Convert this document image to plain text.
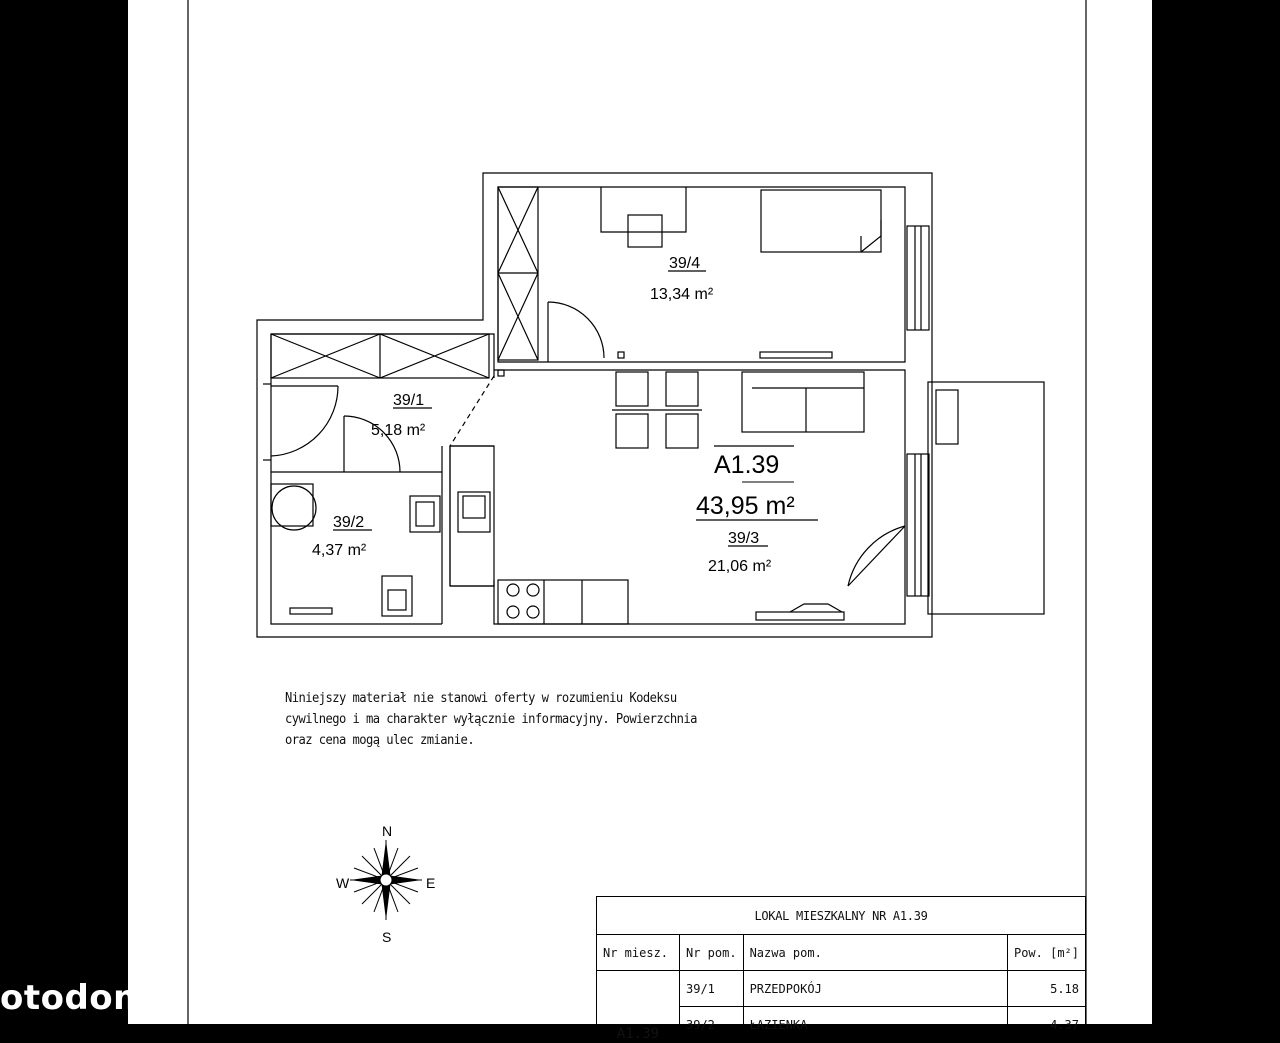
39/4
13,34 m²
39/1
5,18 m²
39/2
4,37 m²
A1.39
43,95 m²
39/3
21,06 m²
N
S
E
W
Niniejszy materiał nie stanowi oferty w rozumieniu Kodeksu
cywilnego i ma charakter wyłącznie informacyjny. Powierzchnia
oraz cena mogą ulec zmianie.
LOKAL MIESZKALNY NR A1.39			
Nr miesz.	Nr pom.	Nazwa pom.	Pow. [m²]
A1.39	39/1	PRZEDPOKÓJ	5.18
	39/2	ŁAZIENKA	4.37
otodom
